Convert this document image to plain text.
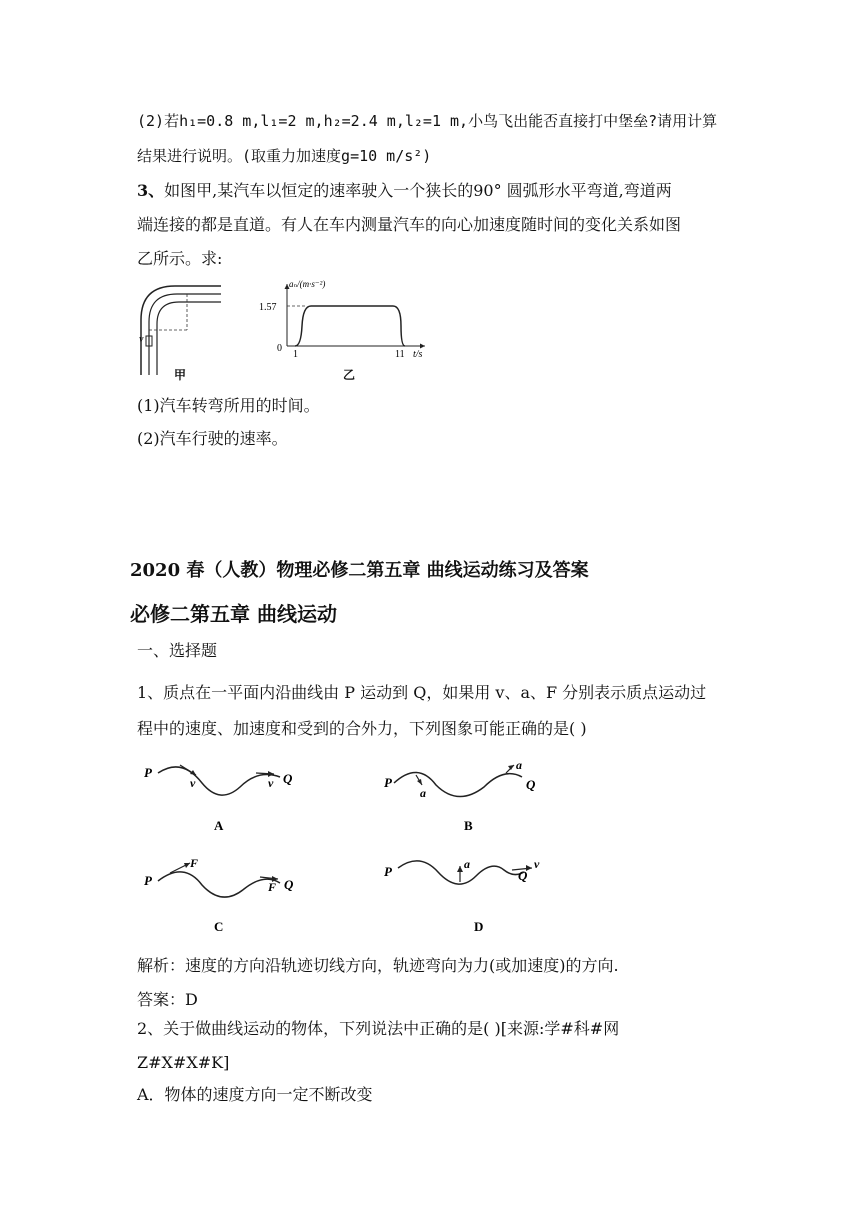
(2)若h₁=0.8 m,l₁=2 m,h₂=2.4 m,l₂=1 m,小鸟飞出能否直接打中堡垒?请用计算
结果进行说明。(取重力加速度g=10 m/s²)
3、如图甲,某汽车以恒定的速率驶入一个狭长的90° 圆弧形水平弯道,弯道两
端连接的都是直道。有人在车内测量汽车的向心加速度随时间的变化关系如图
乙所示。求:
v
甲
aₙ/(m·s⁻²)
1.57
0
1	11 t/s
乙
(1)汽车转弯所用的时间。
(2)汽车行驶的速率。
2020 春（人教）物理必修二第五章 曲线运动练习及答案
必修二第五章 曲线运动
一、选择题
1、质点在一平面内沿曲线由 P 运动到 Q，如果用 v、a、F 分别表示质点运动过
程中的速度、加速度和受到的合外力，下列图象可能正确的是( )
P
v	v Q
A
P
a
a
Q
B
P
F
F Q
C
P	a	v
Q
D
解析：速度的方向沿轨迹切线方向，轨迹弯向为力(或加速度)的方向.
答案：D
2、关于做曲线运动的物体，下列说法中正确的是( )[来源:学#科#网
Z#X#X#K]
A．物体的速度方向一定不断改变
